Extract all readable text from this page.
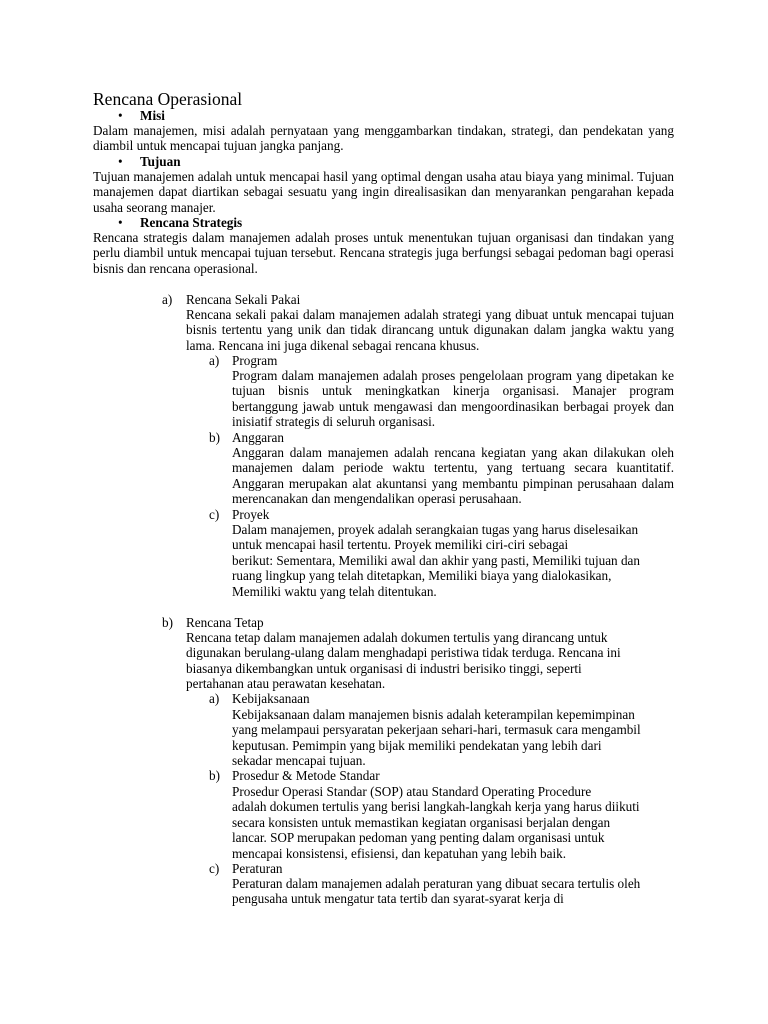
Rencana Operasional
• Misi
Dalam manajemen, misi adalah pernyataan yang menggambarkan tindakan, strategi, dan pendekatan yang diambil untuk mencapai tujuan jangka panjang.
• Tujuan
Tujuan manajemen adalah untuk mencapai hasil yang optimal dengan usaha atau biaya yang minimal. Tujuan manajemen dapat diartikan sebagai sesuatu yang ingin direalisasikan dan menyarankan pengarahan kepada usaha seorang manajer.
• Rencana Strategis
Rencana strategis dalam manajemen adalah proses untuk menentukan tujuan organisasi dan tindakan yang perlu diambil untuk mencapai tujuan tersebut. Rencana strategis juga berfungsi sebagai pedoman bagi operasi bisnis dan rencana operasional.
a) Rencana Sekali Pakai
Rencana sekali pakai dalam manajemen adalah strategi yang dibuat untuk mencapai tujuan bisnis tertentu yang unik dan tidak dirancang untuk digunakan dalam jangka waktu yang lama. Rencana ini juga dikenal sebagai rencana khusus.
a) Program
Program dalam manajemen adalah proses pengelolaan program yang dipetakan ke tujuan bisnis untuk meningkatkan kinerja organisasi. Manajer program bertanggung jawab untuk mengawasi dan mengoordinasikan berbagai proyek dan inisiatif strategis di seluruh organisasi.
b) Anggaran
Anggaran dalam manajemen adalah rencana kegiatan yang akan dilakukan oleh manajemen dalam periode waktu tertentu, yang tertuang secara kuantitatif. Anggaran merupakan alat akuntansi yang membantu pimpinan perusahaan dalam merencanakan dan mengendalikan operasi perusahaan.
c) Proyek
Dalam manajemen, proyek adalah serangkaian tugas yang harus diselesaikan
untuk mencapai hasil tertentu. Proyek memiliki ciri-ciri sebagai
berikut: Sementara, Memiliki awal dan akhir yang pasti, Memiliki tujuan dan
ruang lingkup yang telah ditetapkan, Memiliki biaya yang dialokasikan,
Memiliki waktu yang telah ditentukan.
b) Rencana Tetap
Rencana tetap dalam manajemen adalah dokumen tertulis yang dirancang untuk
digunakan berulang-ulang dalam menghadapi peristiwa tidak terduga. Rencana ini
biasanya dikembangkan untuk organisasi di industri berisiko tinggi, seperti
pertahanan atau perawatan kesehatan.
a) Kebijaksanaan
Kebijaksanaan dalam manajemen bisnis adalah keterampilan kepemimpinan
yang melampaui persyaratan pekerjaan sehari-hari, termasuk cara mengambil
keputusan. Pemimpin yang bijak memiliki pendekatan yang lebih dari
sekadar mencapai tujuan.
b) Prosedur & Metode Standar
Prosedur Operasi Standar (SOP) atau Standard Operating Procedure
adalah dokumen tertulis yang berisi langkah-langkah kerja yang harus diikuti
secara konsisten untuk memastikan kegiatan organisasi berjalan dengan
lancar. SOP merupakan pedoman yang penting dalam organisasi untuk
mencapai konsistensi, efisiensi, dan kepatuhan yang lebih baik.
c) Peraturan
Peraturan dalam manajemen adalah peraturan yang dibuat secara tertulis oleh
pengusaha untuk mengatur tata tertib dan syarat-syarat kerja di
